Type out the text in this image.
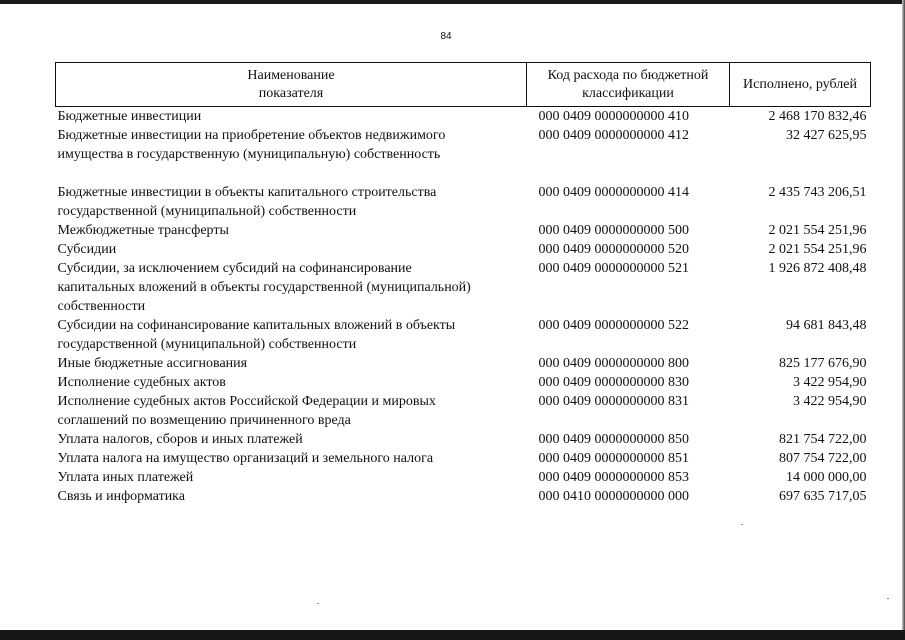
84
Наименование показателя	Код расхода по бюджетной классификации	Исполнено, рублей

Бюджетные инвестиции	000 0409 0000000000 410	2 468 170 832,46
Бюджетные инвестиции на приобретение объектов недвижимого
имущества в государственную (муниципальную) собственность	000 0409 0000000000 412	32 427 625,95
Бюджетные инвестиции в объекты капитального строительства
государственной (муниципальной) собственности	000 0409 0000000000 414	2 435 743 206,51
Межбюджетные трансферты	000 0409 0000000000 500	2 021 554 251,96
Субсидии	000 0409 0000000000 520	2 021 554 251,96
Субсидии, за исключением субсидий на софинансирование
капитальных вложений в объекты государственной (муниципальной)
собственности	000 0409 0000000000 521	1 926 872 408,48
Субсидии на софинансирование капитальных вложений в объекты
государственной (муниципальной) собственности	000 0409 0000000000 522	94 681 843,48
Иные бюджетные ассигнования	000 0409 0000000000 800	825 177 676,90
Исполнение судебных актов	000 0409 0000000000 830	3 422 954,90
Исполнение судебных актов Российской Федерации и мировых
соглашений по возмещению причиненного вреда	000 0409 0000000000 831	3 422 954,90
Уплата налогов, сборов и иных платежей	000 0409 0000000000 850	821 754 722,00
Уплата налога на имущество организаций и земельного налога	000 0409 0000000000 851	807 754 722,00
Уплата иных платежей	000 0409 0000000000 853	14 000 000,00
Связь и информатика	000 0410 0000000000 000	697 635 717,05
